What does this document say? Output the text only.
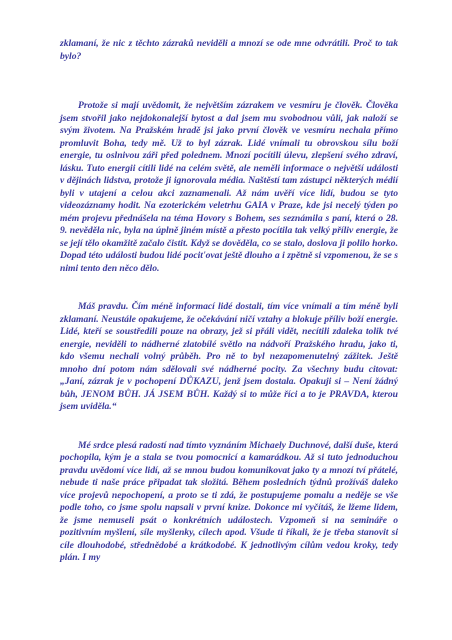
zklamaní, že nic z těchto zázraků neviděli a mnozí se ode mne odvrátili. Proč to tak bylo?

Protože si mají uvědomit, že největším zázrakem ve vesmíru je člověk. Člověka jsem stvořil jako nejdokonalejší bytost a dal jsem mu svobodnou vůli, jak naloží se svým životem. Na Pražském hradě jsi jako první člověk ve vesmíru nechala přímo promluvit Boha, tedy mě. Už to byl zázrak. Lidé vnímali tu obrovskou sílu boží energie, tu oslnivou záři před polednem. Mnozí pocítili úlevu, zlepšení svého zdraví, lásku. Tuto energii cítili lidé na celém světě, ale neměli informace o největší události v dějinách lidstva, protože ji ignorovala média. Naštěstí tam zástupci některých médií byli v utajení a celou akci zaznamenali. Až nám uvěří více lidí, budou se tyto videozáznamy hodit. Na ezoterickém veletrhu GAIA v Praze, kde jsi necelý týden po mém projevu přednášela na téma Hovory s Bohem, ses seznámila s paní, která o 28. 9. nevěděla nic, byla na úplně jiném místě a přesto pocítila tak velký příliv energie, že se její tělo okamžitě začalo čistit. Když se dověděla, co se stalo, doslova ji polilo horko. Dopad této události budou lidé pocit'ovat ještě dlouho a i zpětně si vzpomenou, že se s nimi tento den něco dělo.

Máš pravdu. Čím méně informací lidé dostali, tím více vnímali a tím méně byli zklamaní. Neustále opakujeme, že očekávání ničí vztahy a blokuje příliv boží energie. Lidé, kteří se soustředili pouze na obrazy, jež si přáli vidět, necítili zdaleka tolik tvé energie, neviděli to nádherné zlatobílé světlo na nádvoří Pražského hradu, jako ti, kdo všemu nechali volný průběh. Pro ně to byl nezapomenutelný zážitek. Ještě mnoho dní potom nám sdělovali své nádherné pocity. Za všechny budu citovat: „Janí, zázrak je v pochopení DŮKAZU, jenž jsem dostala. Opakuji si – Není žádný bůh, JENOM BŮH. JÁ JSEM BŮH. Každý si to může říci a to je PRAVDA, kterou jsem uviděla.“

Mé srdce plesá radostí nad tímto vyznáním Michaely Duchnové, další duše, která pochopila, kým je a stala se tvou pomocnicí a kamarádkou. Až si tuto jednoduchou pravdu uvědomí více lidí, až se mnou budou komunikovat jako ty a mnozí tví přátelé, nebude ti naše práce připadat tak složitá. Během posledních týdnů prožíváš daleko více projevů nepochopení, a proto se ti zdá, že postupujeme pomalu a neděje se vše podle toho, co jsme spolu napsali v první knize. Dokonce mi vyčítáš, že lžeme lidem, že jsme nemuseli psát o konkrétních událostech. Vzpomeň si na semináře o pozitivním myšlení, síle myšlenky, cílech apod. Všude ti říkali, že je třeba stanovit si cíle dlouhodobé, střednědobé a krátkodobé. K jednotlivým cílům vedou kroky, tedy plán. I my
